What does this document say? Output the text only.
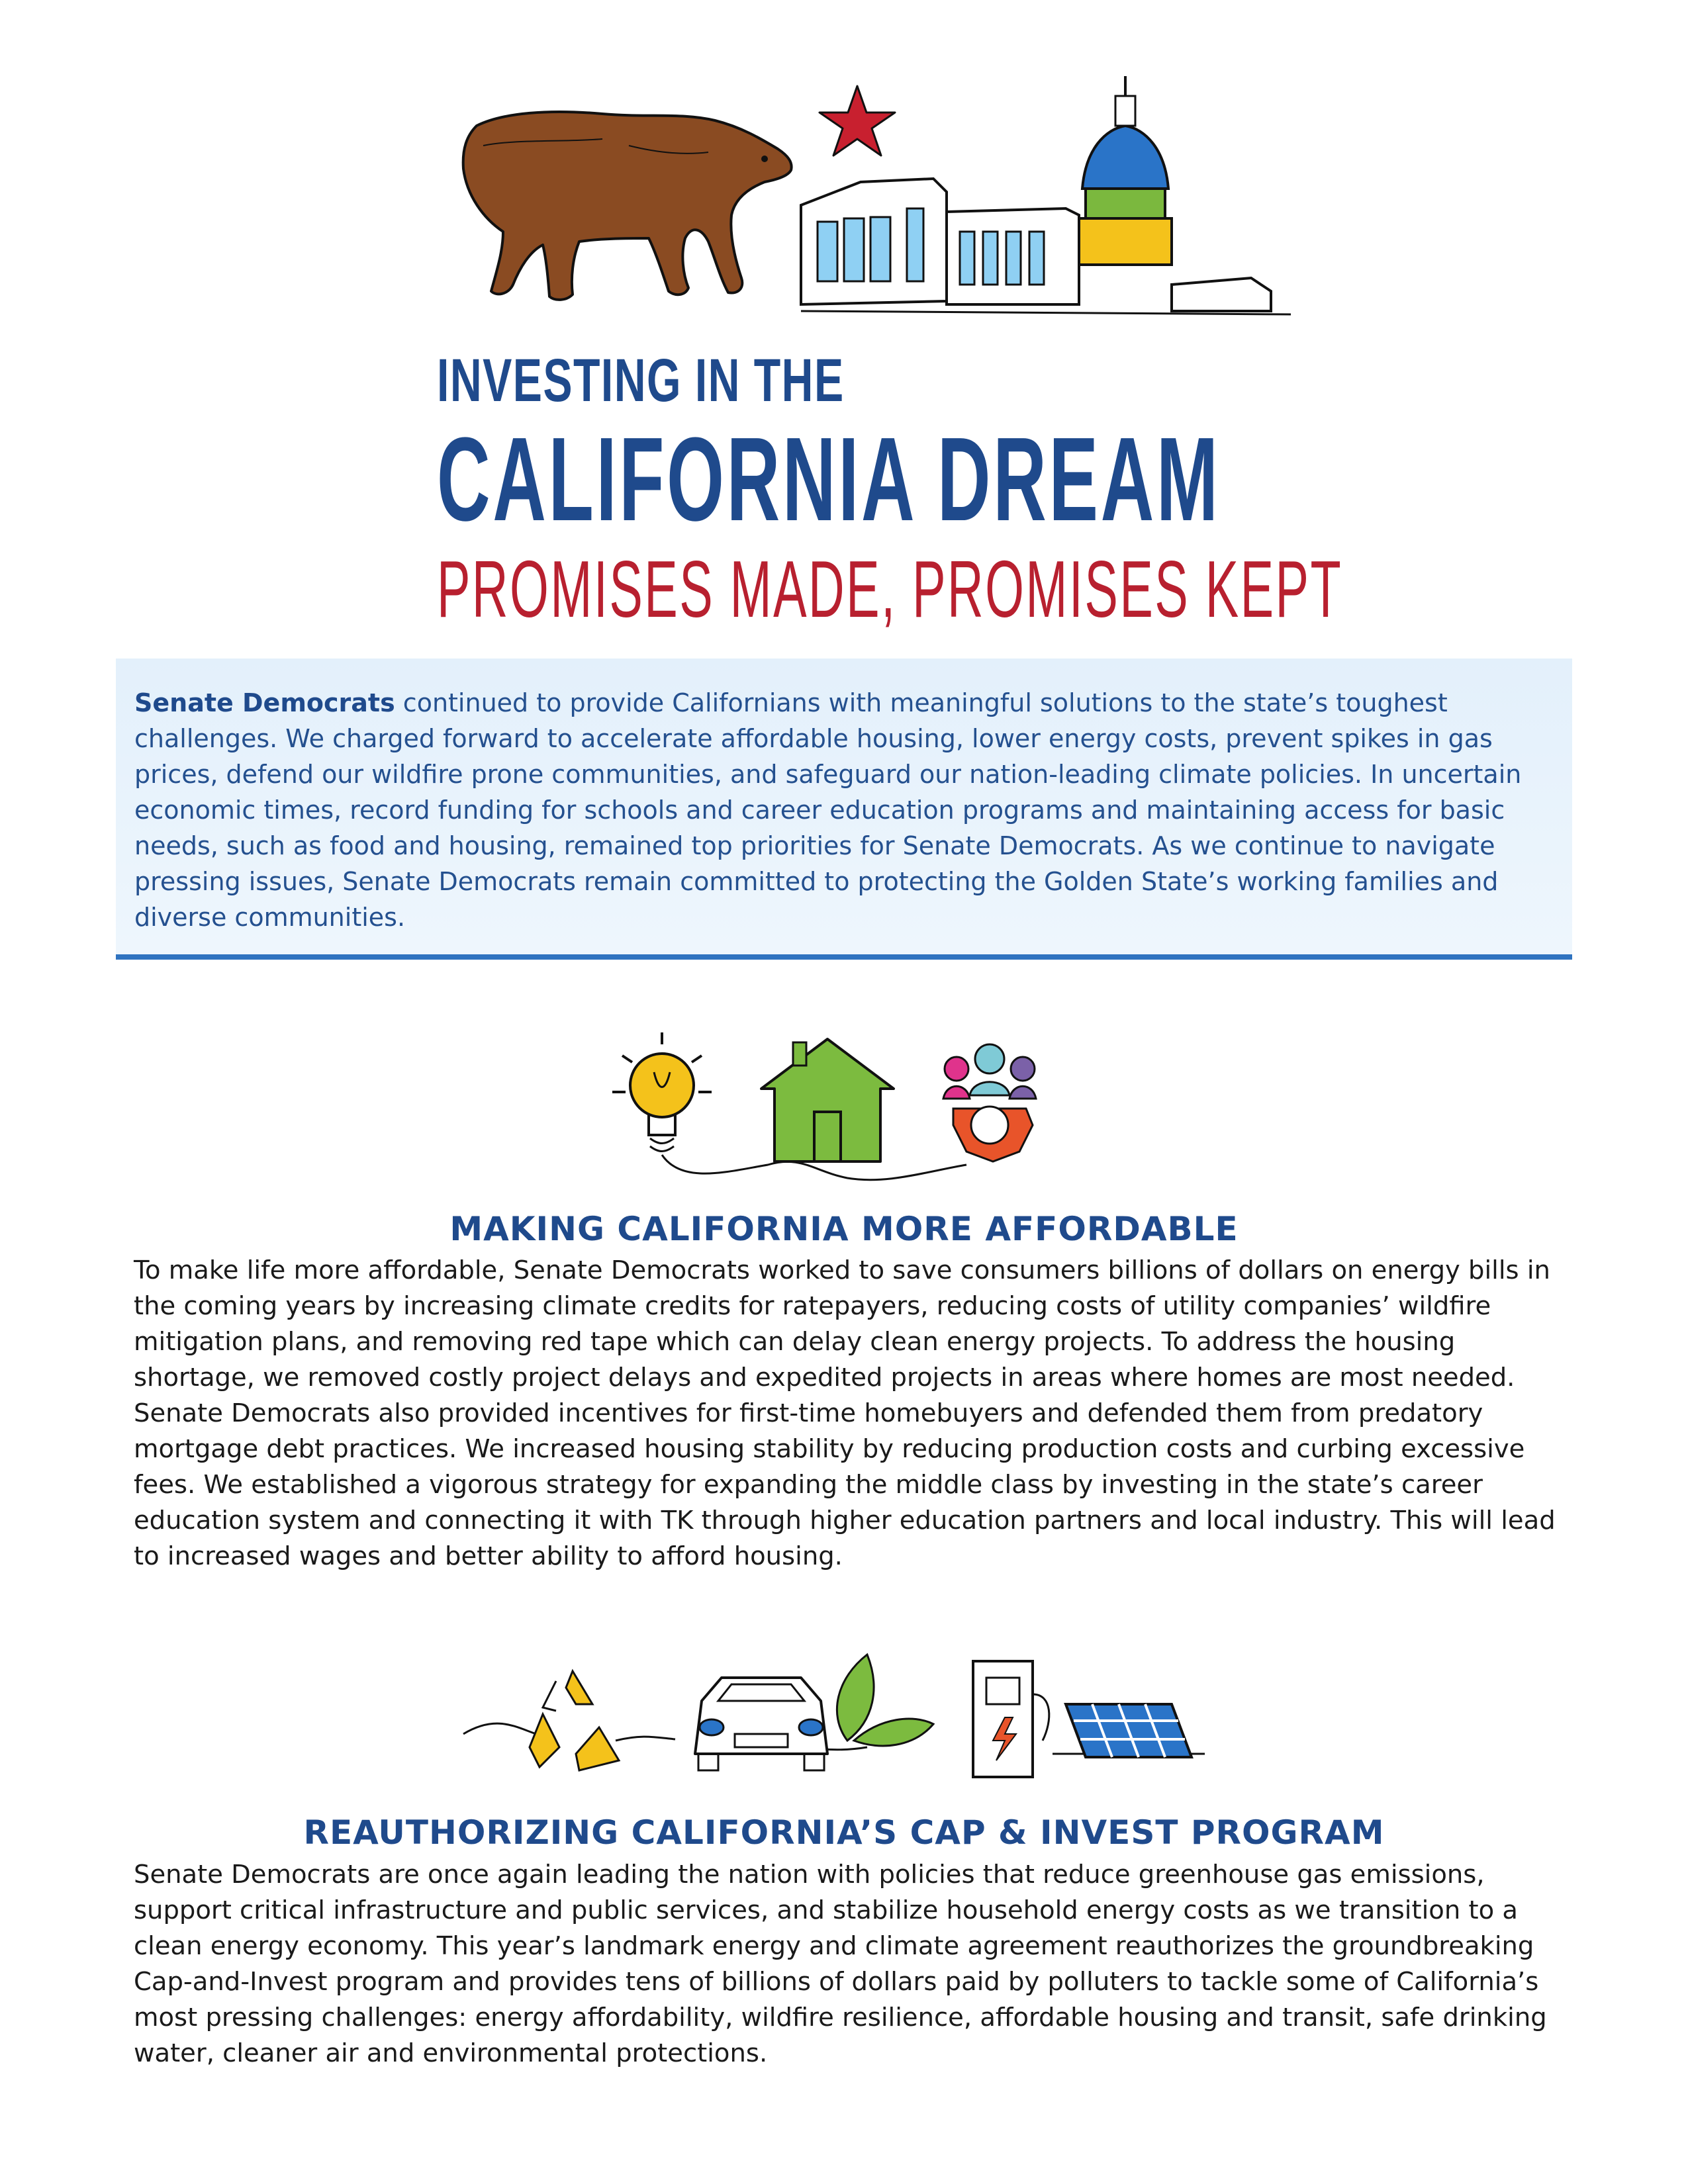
INVESTING IN THE
CALIFORNIA DREAM
PROMISES MADE, PROMISES KEPT

Senate Democrats continued to provide Californians with meaningful solutions to the state’s toughest challenges. We charged forward to accelerate affordable housing, lower energy costs, prevent spikes in gas prices, defend our wildfire prone communities, and safeguard our nation-leading climate policies. In uncertain economic times, record funding for schools and career education programs and maintaining access for basic needs, such as food and housing, remained top priorities for Senate Democrats. As we continue to navigate pressing issues, Senate Democrats remain committed to protecting the Golden State’s working families and diverse communities.

MAKING CALIFORNIA MORE AFFORDABLE

To make life more affordable, Senate Democrats worked to save consumers billions of dollars on energy bills in the coming years by increasing climate credits for ratepayers, reducing costs of utility companies’ wildfire mitigation plans, and removing red tape which can delay clean energy projects. To address the housing shortage, we removed costly project delays and expedited projects in areas where homes are most needed. Senate Democrats also provided incentives for first-time homebuyers and defended them from predatory mortgage debt practices. We increased housing stability by reducing production costs and curbing excessive fees. We established a vigorous strategy for expanding the middle class by investing in the state’s career education system and connecting it with TK through higher education partners and local industry. This will lead to increased wages and better ability to afford housing.

REAUTHORIZING CALIFORNIA’S CAP & INVEST PROGRAM

Senate Democrats are once again leading the nation with policies that reduce greenhouse gas emissions, support critical infrastructure and public services, and stabilize household energy costs as we transition to a clean energy economy. This year’s landmark energy and climate agreement reauthorizes the groundbreaking Cap-and-Invest program and provides tens of billions of dollars paid by polluters to tackle some of California’s most pressing challenges: energy affordability, wildfire resilience, affordable housing and transit, safe drinking water, cleaner air and environmental protections.
